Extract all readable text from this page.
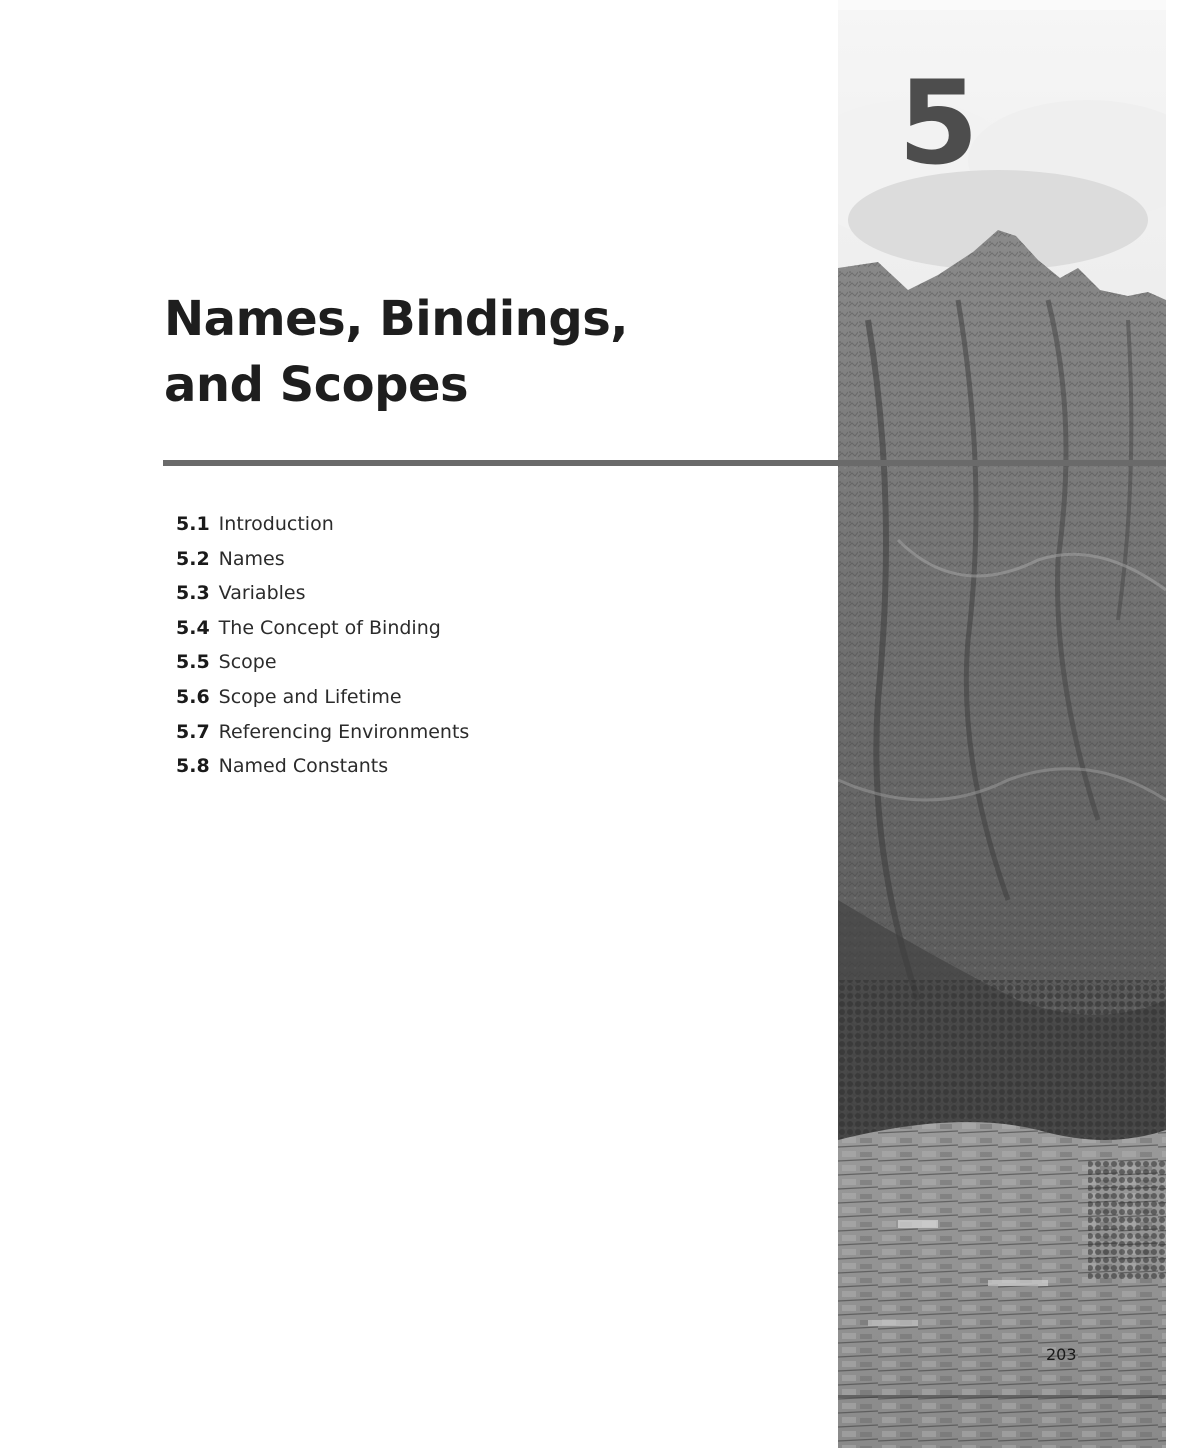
5
Names, Bindings,
and Scopes
5.1 Introduction
5.2 Names
5.3 Variables
5.4 The Concept of Binding
5.5 Scope
5.6 Scope and Lifetime
5.7 Referencing Environments
5.8 Named Constants
203
